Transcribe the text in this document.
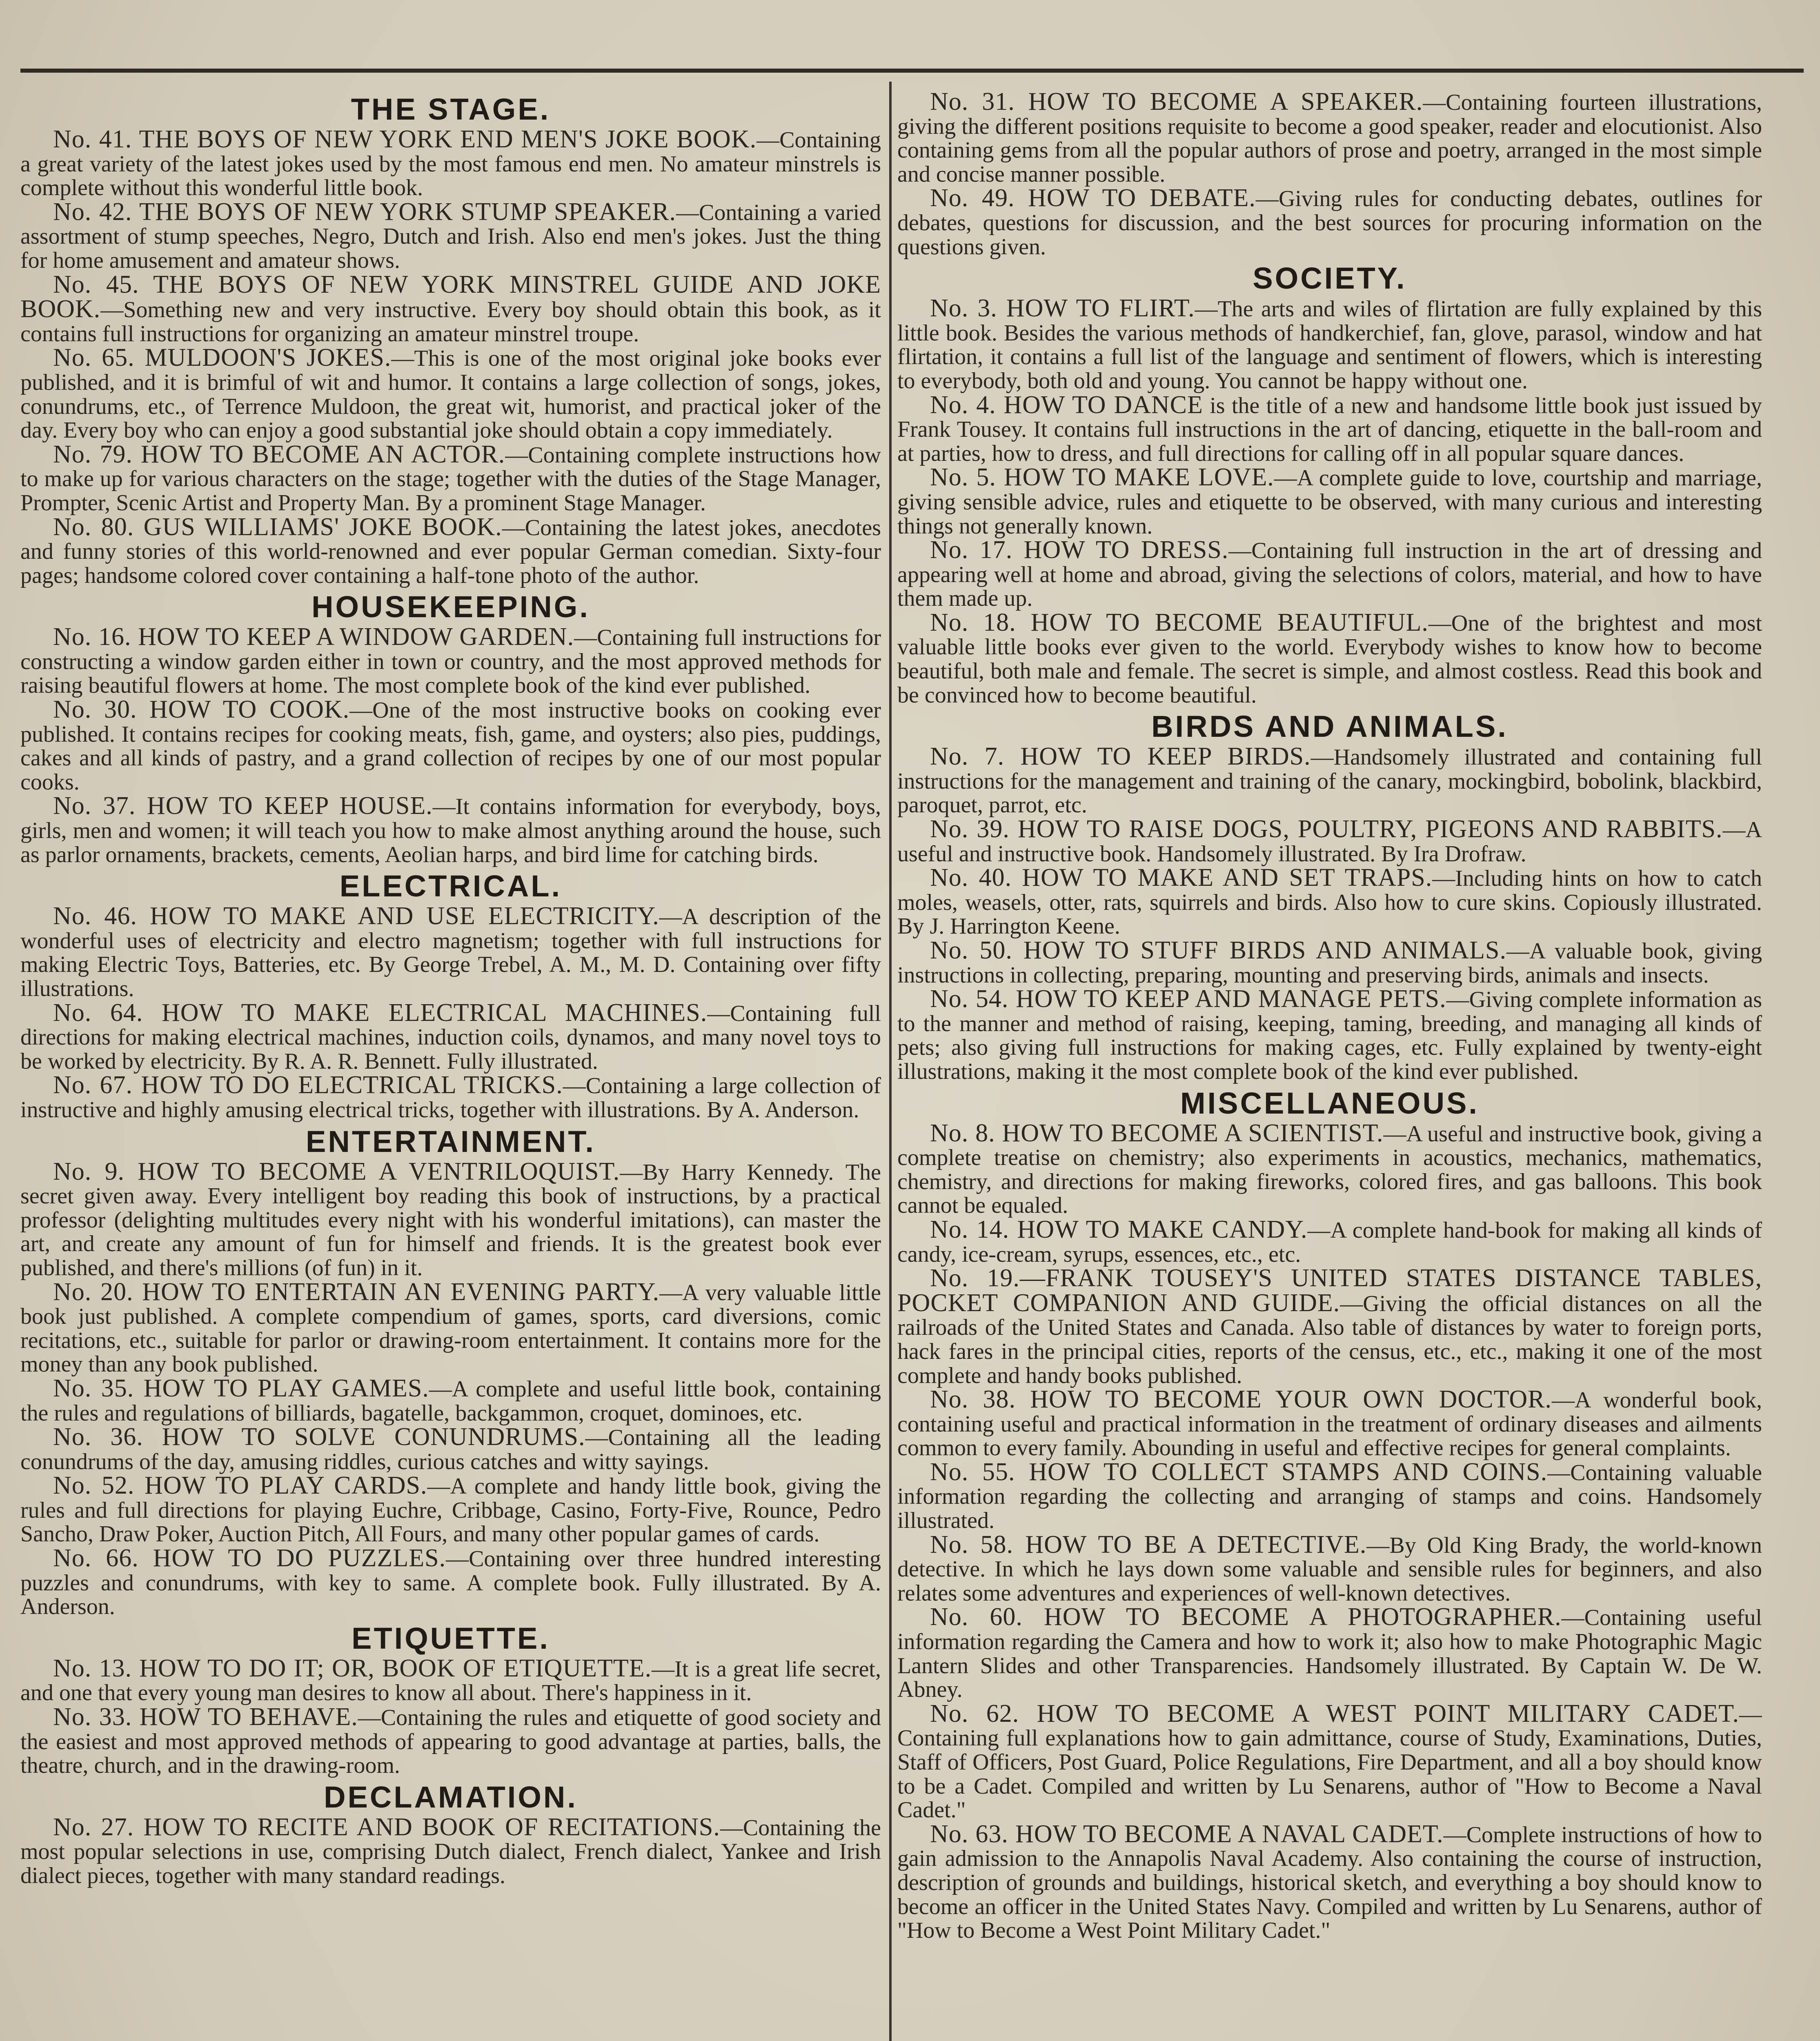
THE STAGE.

No. 41. THE BOYS OF NEW YORK END MEN'S JOKE BOOK.—Containing a great variety of the latest jokes used by the most famous end men. No amateur minstrels is complete without this wonderful little book.

No. 42. THE BOYS OF NEW YORK STUMP SPEAKER.—Containing a varied assortment of stump speeches, Negro, Dutch and Irish. Also end men's jokes. Just the thing for home amusement and amateur shows.

No. 45. THE BOYS OF NEW YORK MINSTREL GUIDE AND JOKE BOOK.—Something new and very instructive. Every boy should obtain this book, as it contains full instructions for organizing an amateur minstrel troupe.

No. 65. MULDOON'S JOKES.—This is one of the most original joke books ever published, and it is brimful of wit and humor. It contains a large collection of songs, jokes, conundrums, etc., of Terrence Muldoon, the great wit, humorist, and practical joker of the day. Every boy who can enjoy a good substantial joke should obtain a copy immediately.

No. 79. HOW TO BECOME AN ACTOR.—Containing complete instructions how to make up for various characters on the stage; together with the duties of the Stage Manager, Prompter, Scenic Artist and Property Man. By a prominent Stage Manager.

No. 80. GUS WILLIAMS' JOKE BOOK.—Containing the latest jokes, anecdotes and funny stories of this world-renowned and ever popular German comedian. Sixty-four pages; handsome colored cover containing a half-tone photo of the author.

HOUSEKEEPING.

No. 16. HOW TO KEEP A WINDOW GARDEN.—Containing full instructions for constructing a window garden either in town or country, and the most approved methods for raising beautiful flowers at home. The most complete book of the kind ever published.

No. 30. HOW TO COOK.—One of the most instructive books on cooking ever published. It contains recipes for cooking meats, fish, game, and oysters; also pies, puddings, cakes and all kinds of pastry, and a grand collection of recipes by one of our most popular cooks.

No. 37. HOW TO KEEP HOUSE.—It contains information for everybody, boys, girls, men and women; it will teach you how to make almost anything around the house, such as parlor ornaments, brackets, cements, Aeolian harps, and bird lime for catching birds.

ELECTRICAL.

No. 46. HOW TO MAKE AND USE ELECTRICITY.—A description of the wonderful uses of electricity and electro magnetism; together with full instructions for making Electric Toys, Batteries, etc. By George Trebel, A. M., M. D. Containing over fifty illustrations.

No. 64. HOW TO MAKE ELECTRICAL MACHINES.—Containing full directions for making electrical machines, induction coils, dynamos, and many novel toys to be worked by electricity. By R. A. R. Bennett. Fully illustrated.

No. 67. HOW TO DO ELECTRICAL TRICKS.—Containing a large collection of instructive and highly amusing electrical tricks, together with illustrations. By A. Anderson.

ENTERTAINMENT.

No. 9. HOW TO BECOME A VENTRILOQUIST.—By Harry Kennedy. The secret given away. Every intelligent boy reading this book of instructions, by a practical professor (delighting multitudes every night with his wonderful imitations), can master the art, and create any amount of fun for himself and friends. It is the greatest book ever published, and there's millions (of fun) in it.

No. 20. HOW TO ENTERTAIN AN EVENING PARTY.—A very valuable little book just published. A complete compendium of games, sports, card diversions, comic recitations, etc., suitable for parlor or drawing-room entertainment. It contains more for the money than any book published.

No. 35. HOW TO PLAY GAMES.—A complete and useful little book, containing the rules and regulations of billiards, bagatelle, backgammon, croquet, dominoes, etc.

No. 36. HOW TO SOLVE CONUNDRUMS.—Containing all the leading conundrums of the day, amusing riddles, curious catches and witty sayings.

No. 52. HOW TO PLAY CARDS.—A complete and handy little book, giving the rules and full directions for playing Euchre, Cribbage, Casino, Forty-Five, Rounce, Pedro Sancho, Draw Poker, Auction Pitch, All Fours, and many other popular games of cards.

No. 66. HOW TO DO PUZZLES.—Containing over three hundred interesting puzzles and conundrums, with key to same. A complete book. Fully illustrated. By A. Anderson.

ETIQUETTE.

No. 13. HOW TO DO IT; OR, BOOK OF ETIQUETTE.—It is a great life secret, and one that every young man desires to know all about. There's happiness in it.

No. 33. HOW TO BEHAVE.—Containing the rules and etiquette of good society and the easiest and most approved methods of appearing to good advantage at parties, balls, the theatre, church, and in the drawing-room.

DECLAMATION.

No. 27. HOW TO RECITE AND BOOK OF RECITATIONS.—Containing the most popular selections in use, comprising Dutch dialect, French dialect, Yankee and Irish dialect pieces, together with many standard readings.

No. 31. HOW TO BECOME A SPEAKER.—Containing fourteen illustrations, giving the different positions requisite to become a good speaker, reader and elocutionist. Also containing gems from all the popular authors of prose and poetry, arranged in the most simple and concise manner possible.

No. 49. HOW TO DEBATE.—Giving rules for conducting debates, outlines for debates, questions for discussion, and the best sources for procuring information on the questions given.

SOCIETY.

No. 3. HOW TO FLIRT.—The arts and wiles of flirtation are fully explained by this little book. Besides the various methods of handkerchief, fan, glove, parasol, window and hat flirtation, it contains a full list of the language and sentiment of flowers, which is interesting to everybody, both old and young. You cannot be happy without one.

No. 4. HOW TO DANCE is the title of a new and handsome little book just issued by Frank Tousey. It contains full instructions in the art of dancing, etiquette in the ball-room and at parties, how to dress, and full directions for calling off in all popular square dances.

No. 5. HOW TO MAKE LOVE.—A complete guide to love, courtship and marriage, giving sensible advice, rules and etiquette to be observed, with many curious and interesting things not generally known.

No. 17. HOW TO DRESS.—Containing full instruction in the art of dressing and appearing well at home and abroad, giving the selections of colors, material, and how to have them made up.

No. 18. HOW TO BECOME BEAUTIFUL.—One of the brightest and most valuable little books ever given to the world. Everybody wishes to know how to become beautiful, both male and female. The secret is simple, and almost costless. Read this book and be convinced how to become beautiful.

BIRDS AND ANIMALS.

No. 7. HOW TO KEEP BIRDS.—Handsomely illustrated and containing full instructions for the management and training of the canary, mockingbird, bobolink, blackbird, paroquet, parrot, etc.

No. 39. HOW TO RAISE DOGS, POULTRY, PIGEONS AND RABBITS.—A useful and instructive book. Handsomely illustrated. By Ira Drofraw.

No. 40. HOW TO MAKE AND SET TRAPS.—Including hints on how to catch moles, weasels, otter, rats, squirrels and birds. Also how to cure skins. Copiously illustrated. By J. Harrington Keene.

No. 50. HOW TO STUFF BIRDS AND ANIMALS.—A valuable book, giving instructions in collecting, preparing, mounting and preserving birds, animals and insects.

No. 54. HOW TO KEEP AND MANAGE PETS.—Giving complete information as to the manner and method of raising, keeping, taming, breeding, and managing all kinds of pets; also giving full instructions for making cages, etc. Fully explained by twenty-eight illustrations, making it the most complete book of the kind ever published.

MISCELLANEOUS.

No. 8. HOW TO BECOME A SCIENTIST.—A useful and instructive book, giving a complete treatise on chemistry; also experiments in acoustics, mechanics, mathematics, chemistry, and directions for making fireworks, colored fires, and gas balloons. This book cannot be equaled.

No. 14. HOW TO MAKE CANDY.—A complete hand-book for making all kinds of candy, ice-cream, syrups, essences, etc., etc.

No. 19.—FRANK TOUSEY'S UNITED STATES DISTANCE TABLES, POCKET COMPANION AND GUIDE.—Giving the official distances on all the railroads of the United States and Canada. Also table of distances by water to foreign ports, hack fares in the principal cities, reports of the census, etc., etc., making it one of the most complete and handy books published.

No. 38. HOW TO BECOME YOUR OWN DOCTOR.—A wonderful book, containing useful and practical information in the treatment of ordinary diseases and ailments common to every family. Abounding in useful and effective recipes for general complaints.

No. 55. HOW TO COLLECT STAMPS AND COINS.—Containing valuable information regarding the collecting and arranging of stamps and coins. Handsomely illustrated.

No. 58. HOW TO BE A DETECTIVE.—By Old King Brady, the world-known detective. In which he lays down some valuable and sensible rules for beginners, and also relates some adventures and experiences of well-known detectives.

No. 60. HOW TO BECOME A PHOTOGRAPHER.—Containing useful information regarding the Camera and how to work it; also how to make Photographic Magic Lantern Slides and other Transparencies. Handsomely illustrated. By Captain W. De W. Abney.

No. 62. HOW TO BECOME A WEST POINT MILITARY CADET.—Containing full explanations how to gain admittance, course of Study, Examinations, Duties, Staff of Officers, Post Guard, Police Regulations, Fire Department, and all a boy should know to be a Cadet. Compiled and written by Lu Senarens, author of "How to Become a Naval Cadet."

No. 63. HOW TO BECOME A NAVAL CADET.—Complete instructions of how to gain admission to the Annapolis Naval Academy. Also containing the course of instruction, description of grounds and buildings, historical sketch, and everything a boy should know to become an officer in the United States Navy. Compiled and written by Lu Senarens, author of "How to Become a West Point Military Cadet."
